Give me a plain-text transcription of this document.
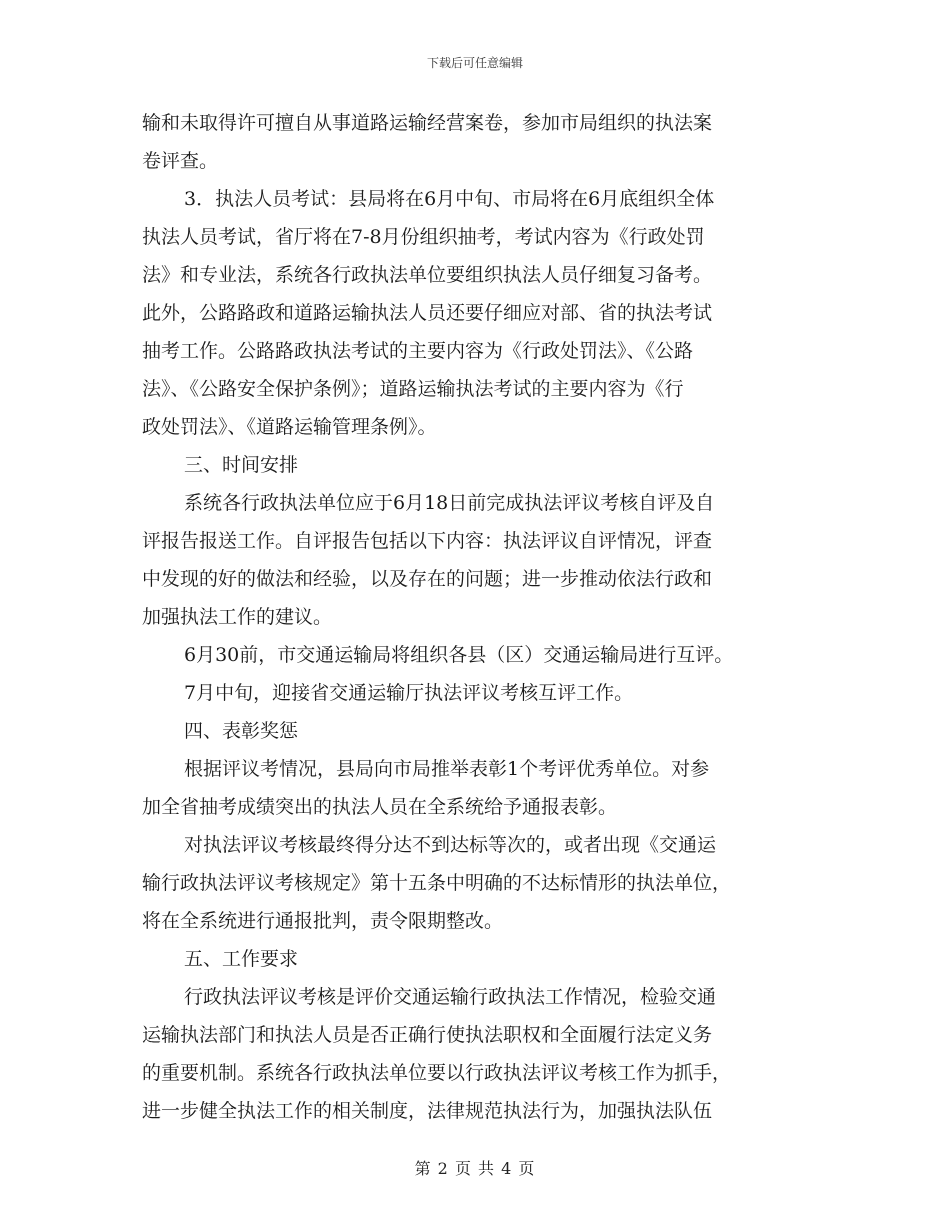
下载后可任意编辑
输和未取得许可擅自从事道路运输经营案卷，参加市局组织的执法案
卷评查。
3．执法人员考试：县局将在6月中旬、市局将在6月底组织全体
执法人员考试，省厅将在7-8月份组织抽考，考试内容为《行政处罚
法》和专业法，系统各行政执法单位要组织执法人员仔细复习备考。
此外，公路路政和道路运输执法人员还要仔细应对部、省的执法考试
抽考工作。公路路政执法考试的主要内容为《行政处罚法》、《公路
法》、《公路安全保护条例》；道路运输执法考试的主要内容为《行
政处罚法》、《道路运输管理条例》。
三、时间安排
系统各行政执法单位应于6月18日前完成执法评议考核自评及自
评报告报送工作。自评报告包括以下内容：执法评议自评情况，评查
中发现的好的做法和经验，以及存在的问题；进一步推动依法行政和
加强执法工作的建议。
6月30前，市交通运输局将组织各县（区）交通运输局进行互评。
7月中旬，迎接省交通运输厅执法评议考核互评工作。
四、表彰奖惩
根据评议考情况，县局向市局推举表彰1个考评优秀单位。对参
加全省抽考成绩突出的执法人员在全系统给予通报表彰。
对执法评议考核最终得分达不到达标等次的，或者出现《交通运
输行政执法评议考核规定》第十五条中明确的不达标情形的执法单位，
将在全系统进行通报批判，责令限期整改。
五、工作要求
行政执法评议考核是评价交通运输行政执法工作情况，检验交通
运输执法部门和执法人员是否正确行使执法职权和全面履行法定义务
的重要机制。系统各行政执法单位要以行政执法评议考核工作为抓手，
进一步健全执法工作的相关制度，法律规范执法行为，加强执法队伍
第 2 页 共 4 页
